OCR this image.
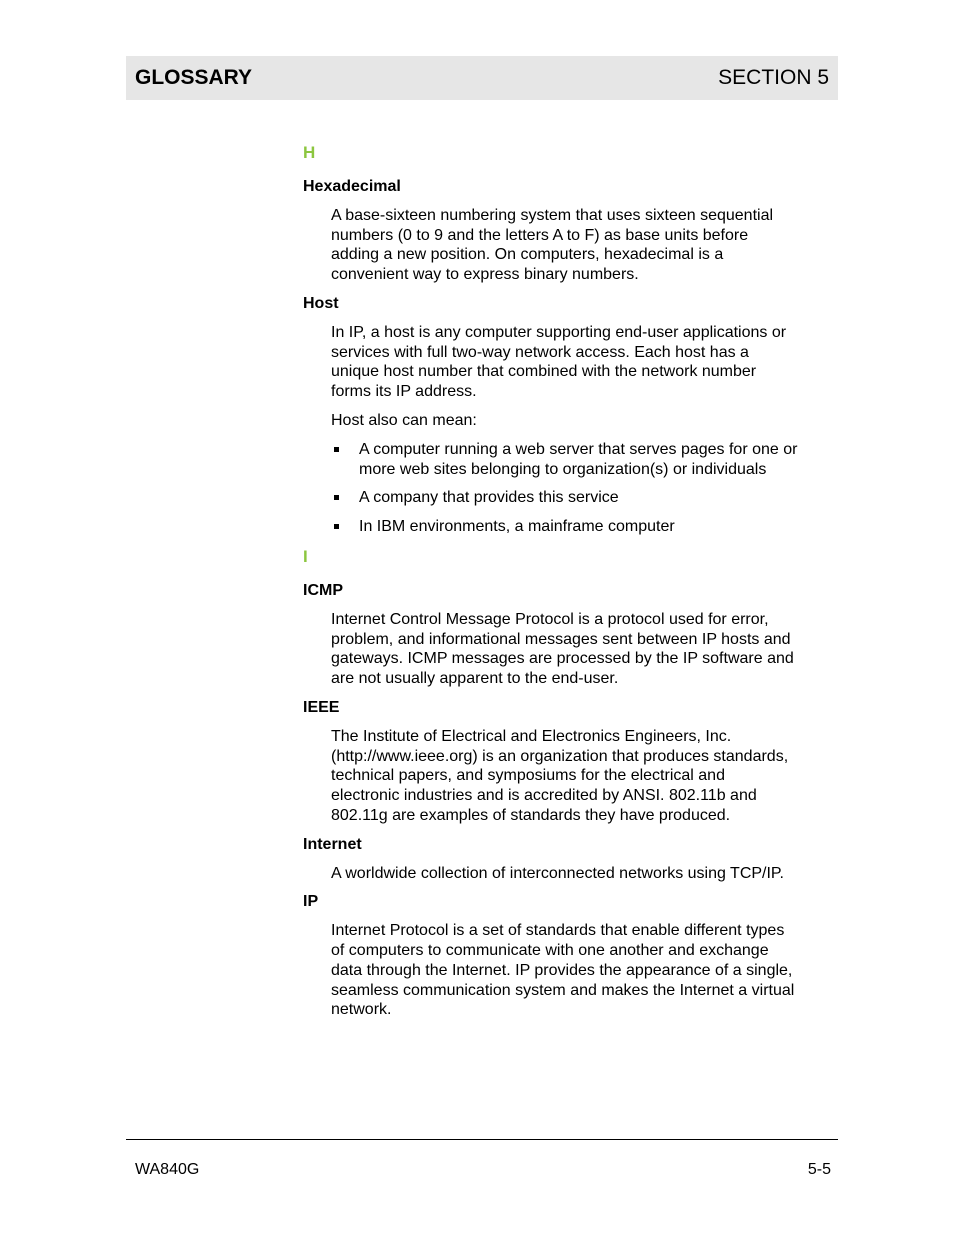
GLOSSARY	SECTION 5
H
Hexadecimal
A base-sixteen numbering system that uses sixteen sequential
numbers (0 to 9 and the letters A to F) as base units before
adding a new position. On computers, hexadecimal is a
convenient way to express binary numbers.
Host
In IP, a host is any computer supporting end-user applications or
services with full two-way network access. Each host has a
unique host number that combined with the network number
forms its IP address.
Host also can mean:
A computer running a web server that serves pages for one or
more web sites belonging to organization(s) or individuals
A company that provides this service
In IBM environments, a mainframe computer
I
ICMP
Internet Control Message Protocol is a protocol used for error,
problem, and informational messages sent between IP hosts and
gateways. ICMP messages are processed by the IP software and
are not usually apparent to the end-user.
IEEE
The Institute of Electrical and Electronics Engineers, Inc.
(http://www.ieee.org) is an organization that produces standards,
technical papers, and symposiums for the electrical and
electronic industries and is accredited by ANSI. 802.11b and
802.11g are examples of standards they have produced.
Internet
A worldwide collection of interconnected networks using TCP/IP.
IP
Internet Protocol is a set of standards that enable different types
of computers to communicate with one another and exchange
data through the Internet. IP provides the appearance of a single,
seamless communication system and makes the Internet a virtual
network.
WA840G	5-5
